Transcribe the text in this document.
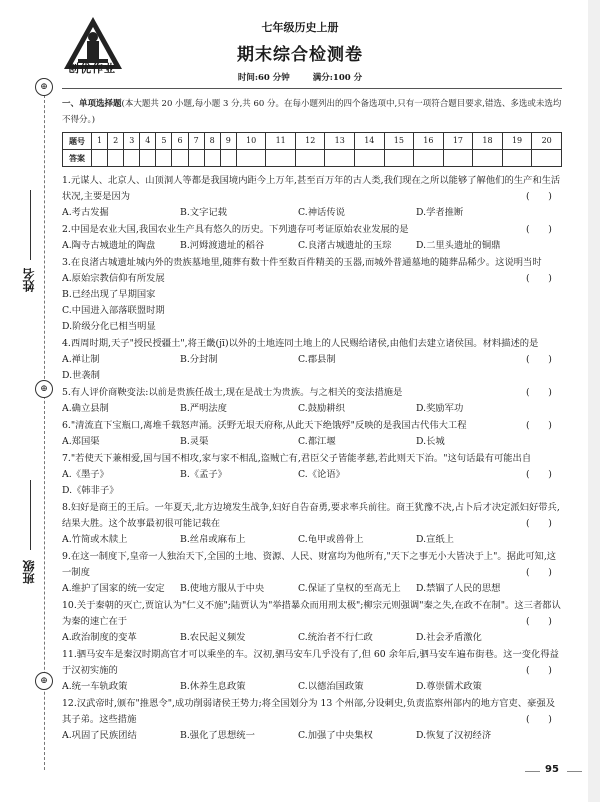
⊕
⊕
⊕
姓名
班级
创优作业
七年级历史上册
期末综合检测卷
时间:60 分钟	满分:100 分
一、单项选择题(本大题共 20 小题,每小题 3 分,共 60 分。在每小题列出的四个备选项中,只有一项符合题目要求,错选、多选或未选均不得分。)
题号	1	2	3	4	5	6	7	8	9	10	11	12	13	14	15	16	17	18	19	20
答案																				
1.元谋人、北京人、山顶洞人等都是我国境内距今上万年,甚至百万年的古人类,我们现在之所以能够了解他们的生产和生活状况,主要是因为	(　　)
A.考古发掘	B.文字记载	C.神话传说	D.学者推断
2.中国是农业大国,我国农业生产具有悠久的历史。下列遗存可考证原始农业发展的是	(　　)
A.陶寺古城遗址的陶盘	B.河姆渡遗址的稻谷	C.良渚古城遗址的玉琮	D.二里头遗址的铜鼎
3.在良渚古城遗址城内外的贵族墓地里,随葬有数十件至数百件精美的玉器,而城外普通墓地的随葬品稀少。这说明当时
(　　)
A.原始宗教信仰有所发展
B.已经出现了早期国家
C.中国进入部落联盟时期
D.阶级分化已相当明显
4.西周时期,天子"授民授疆土",将王畿(jī)以外的土地连同土地上的人民赐给诸侯,由他们去建立诸侯国。材料描述的是
(　　)
A.禅让制	B.分封制	C.郡县制
D.世袭制
5.有人评价商鞅变法:以前是贵族任战士,现在是战士为贵族。与之相关的变法措施是	(　　)
A.确立县制	B.严明法度	C.鼓励耕织	D.奖励军功
6."清流直下宝瓶口,离堆千载怒声涌。沃野无垠天府称,从此天下绝饿殍"反映的是我国古代伟大工程	(　　)
A.郑国渠	B.灵渠	C.都江堰	D.长城
7."若使天下兼相爱,国与国不相攻,家与家不相乱,盗贼亡有,君臣父子皆能孝慈,若此则天下治。"这句话最有可能出自
(　　)
A.《墨子》	B.《孟子》	C.《论语》
D.《韩非子》
8.妇好是商王的王后。一年夏天,北方边境发生战争,妇好自告奋勇,要求率兵前往。商王犹豫不决,占卜后才决定派妇好带兵,结果大胜。这个故事最初很可能记载在	(　　)
A.竹简或木牍上	B.丝帛或麻布上	C.龟甲或兽骨上	D.宣纸上
9.在这一制度下,皇帝一人独治天下,全国的土地、资源、人民、财富均为他所有,"天下之事无小大皆决于上"。据此可知,这一制度	(　　)
A.维护了国家的统一安定	B.使地方服从于中央	C.保证了皇权的至高无上	D.禁锢了人民的思想
10.关于秦朝的灭亡,贾谊认为"仁义不施";陆贾认为"举措暴众而用刑太极";柳宗元则强调"秦之失,在政不在制"。这三者都认为秦的速亡在于	(　　)
A.政治制度的变革	B.农民起义频发	C.统治者不行仁政	D.社会矛盾激化
11.驷马安车是秦汉时期高官才可以乘坐的车。汉初,驷马安车几乎没有了,但 60 余年后,驷马安车遍布街巷。这一变化得益于汉初实施的	(　　)
A.统一车轨政策	B.休养生息政策	C.以德治国政策	D.尊崇儒术政策
12.汉武帝时,颁布"推恩令",成功削弱诸侯王势力;将全国划分为 13 个州部,分设刺史,负责监察州部内的地方官吏、豪强及其子弟。这些措施	(　　)
A.巩固了民族团结	B.强化了思想统一	C.加强了中央集权	D.恢复了汉初经济
95
